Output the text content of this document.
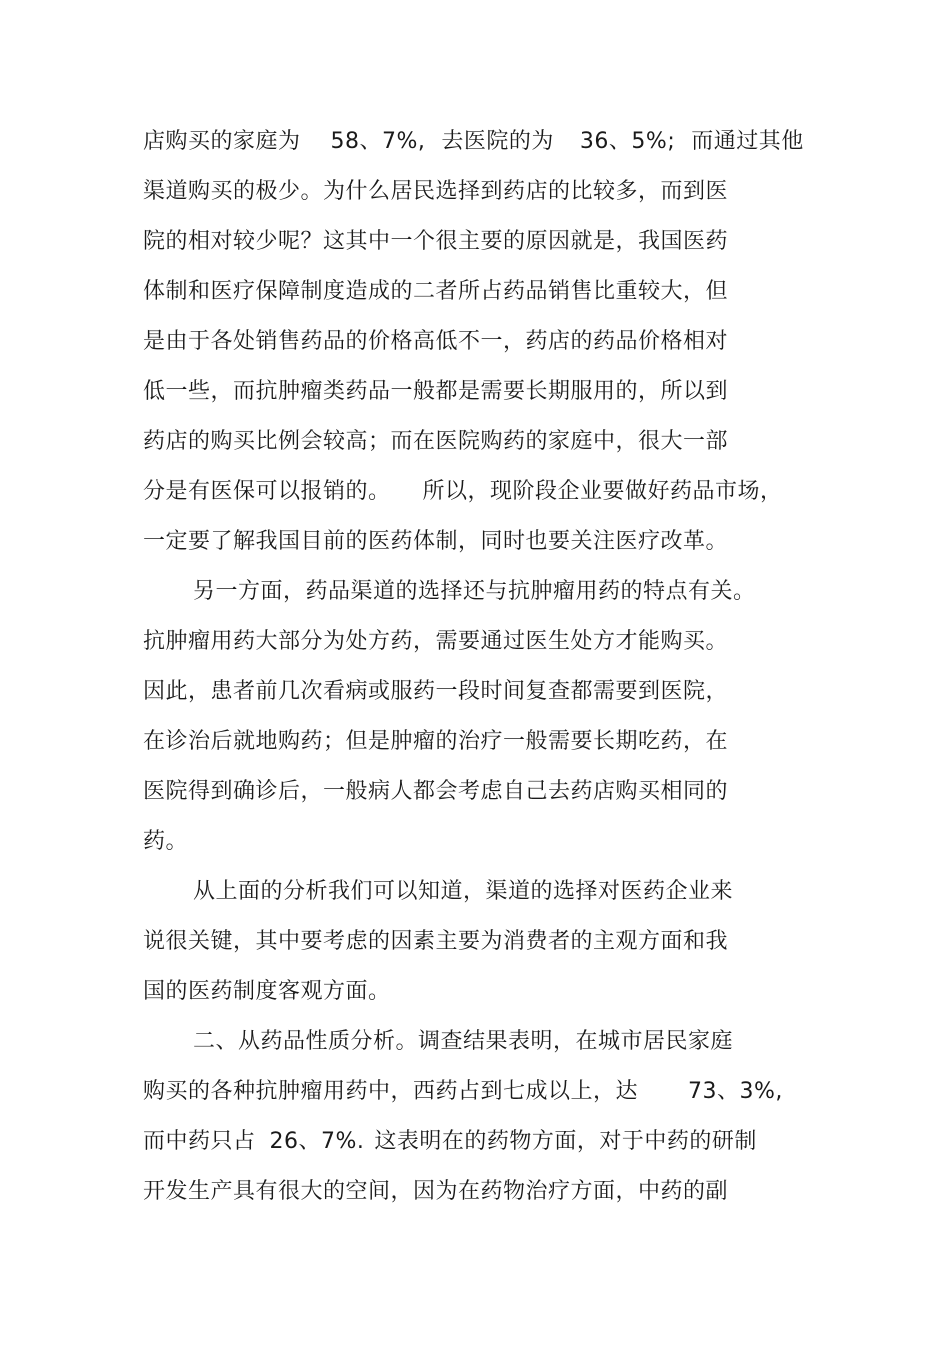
店购买的家庭为 58、7%, 去医院的为 36、5%; 而通过其他
渠道购买的极少。为什么居民选择到药店的比较多，而到医
院的相对较少呢？这其中一个很主要的原因就是，我国医药
体制和医疗保障制度造成的二者所占药品销售比重较大，但
是由于各处销售药品的价格高低不一，药店的药品价格相对
低一些，而抗肿瘤类药品一般都是需要长期服用的，所以到
药店的购买比例会较高；而在医院购药的家庭中，很大一部
分是有医保可以报销的。 所以，现阶段企业要做好药品市场，
一定要了解我国目前的医药体制，同时也要关注医疗改革。
另一方面，药品渠道的选择还与抗肿瘤用药的特点有关。
抗肿瘤用药大部分为处方药，需要通过医生处方才能购买。
因此，患者前几次看病或服药一段时间复查都需要到医院，
在诊治后就地购药；但是肿瘤的治疗一般需要长期吃药，在
医院得到确诊后，一般病人都会考虑自己去药店购买相同的
药。
从上面的分析我们可以知道，渠道的选择对医药企业来
说很关键，其中要考虑的因素主要为消费者的主观方面和我
国的医药制度客观方面。
二、从药品性质分析。调查结果表明，在城市居民家庭
购买的各种抗肿瘤用药中，西药占到七成以上，达 73、3%,
而中药只占 26、7%. 这表明在的药物方面，对于中药的研制
开发生产具有很大的空间，因为在药物治疗方面，中药的副
